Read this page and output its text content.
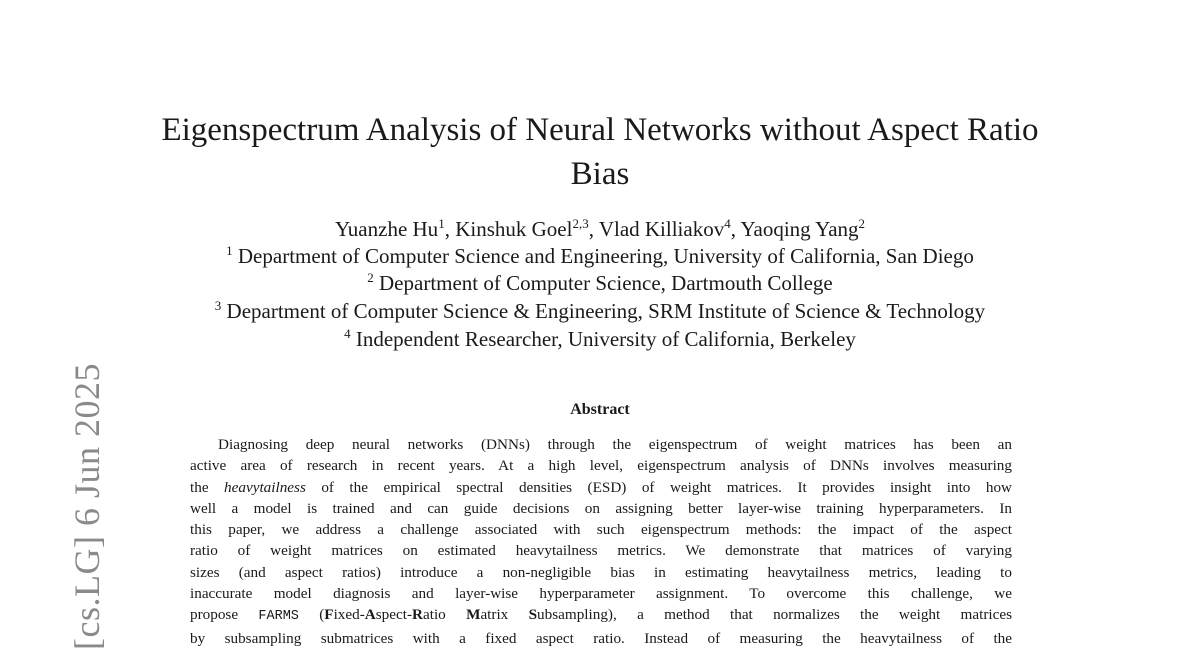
[cs.LG] 6 Jun 2025
Eigenspectrum Analysis of Neural Networks without Aspect Ratio
Bias
Yuanzhe Hu$^1$, Kinshuk Goel$^{2,3}$, Vlad Killiakov$^4$, Yaoqing Yang$^2$
$^1$ Department of Computer Science and Engineering, University of California, San Diego
$^2$ Department of Computer Science, Dartmouth College
$^3$ Department of Computer Science & Engineering, SRM Institute of Science & Technology
$^4$ Independent Researcher, University of California, Berkeley
Abstract
Diagnosing deep neural networks (DNNs) through the eigenspectrum of weight matrices has been an
active area of research in recent years. At a high level, eigenspectrum analysis of DNNs involves measuring
the heavytailness of the empirical spectral densities (ESD) of weight matrices. It provides insight into how
well a model is trained and can guide decisions on assigning better layer-wise training hyperparameters. In
this paper, we address a challenge associated with such eigenspectrum methods: the impact of the aspect
ratio of weight matrices on estimated heavytailness metrics. We demonstrate that matrices of varying
sizes (and aspect ratios) introduce a non-negligible bias in estimating heavytailness metrics, leading to
inaccurate model diagnosis and layer-wise hyperparameter assignment. To overcome this challenge, we
propose FARMS (Fixed-Aspect-Ratio Matrix Subsampling), a method that normalizes the weight matrices
by subsampling submatrices with a fixed aspect ratio. Instead of measuring the heavytailness of the
